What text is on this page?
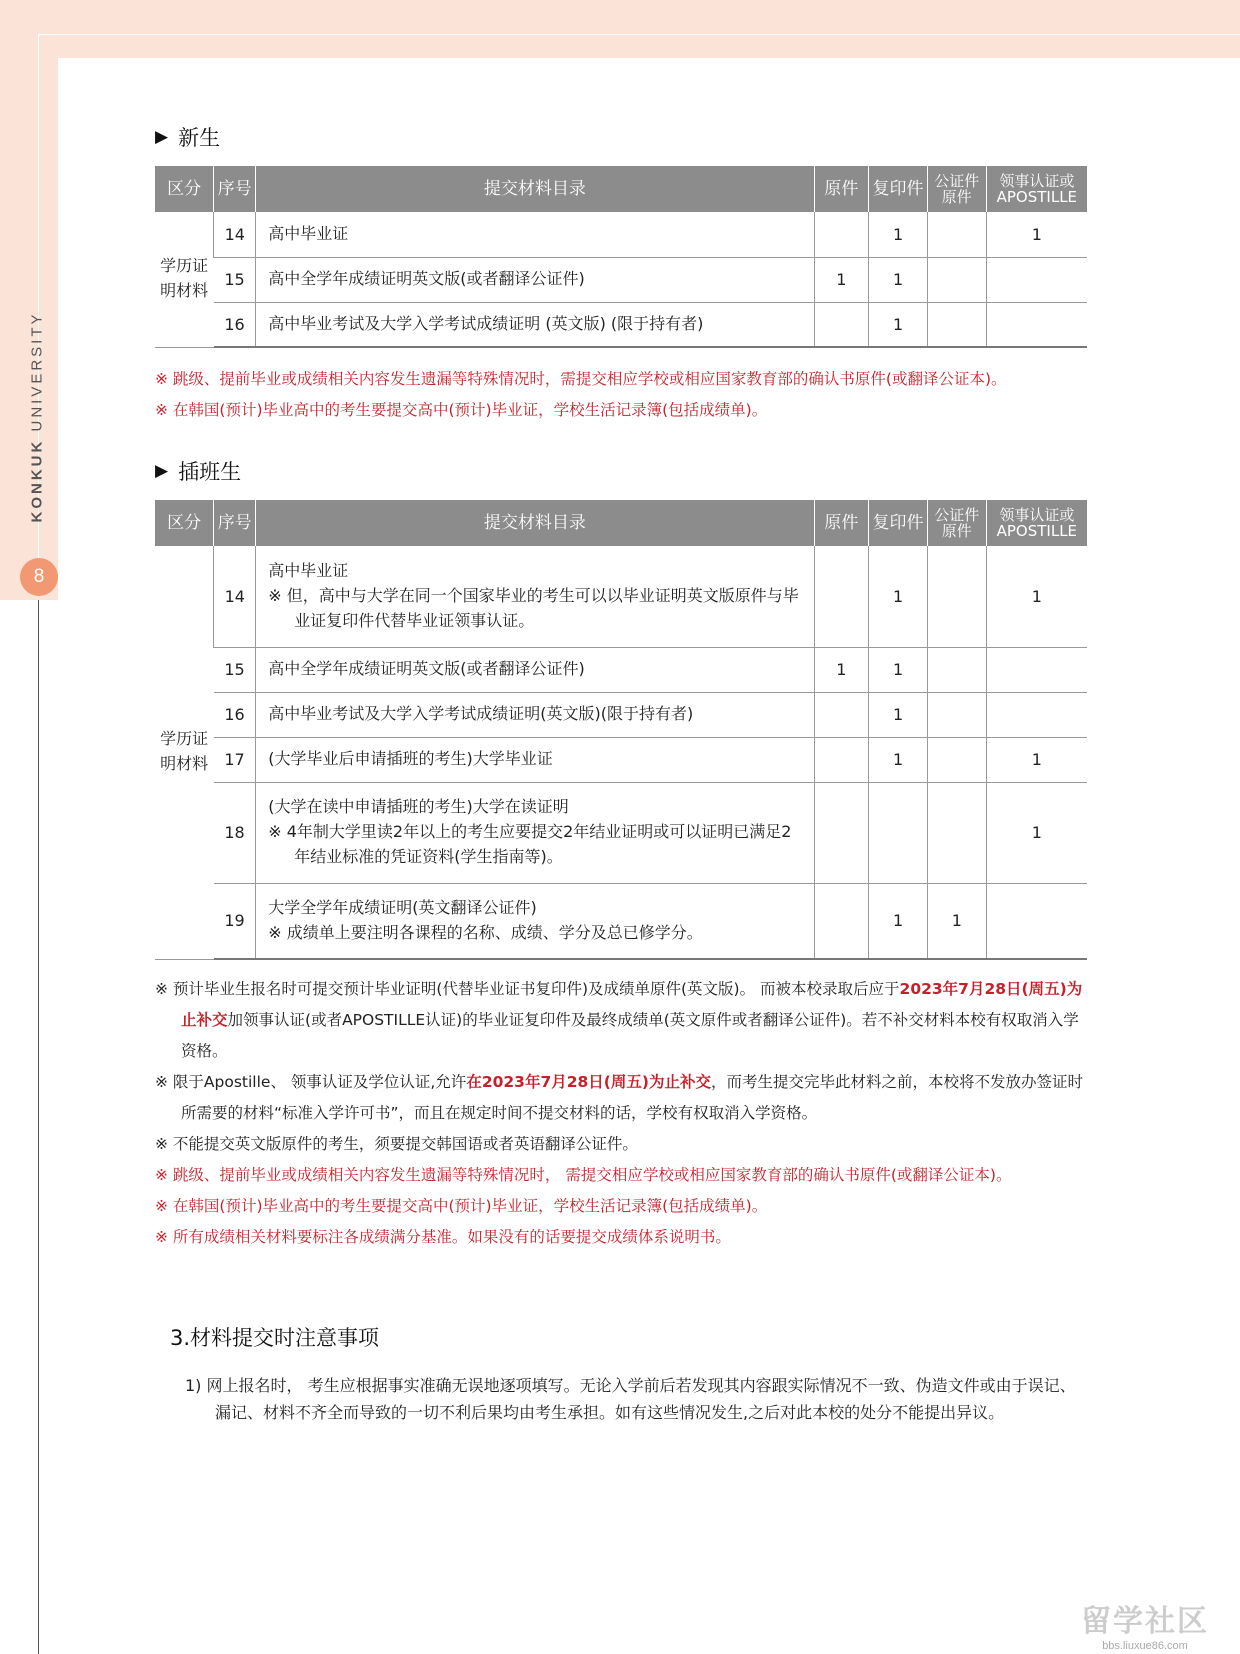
KONKUK UNIVERSITY
8
▶ 新生
区分	序号	提交材料目录	原件	复印件	公证件原件	领事认证或APOSTILLE
学历证明材料	14	高中毕业证		1		1
	15	高中全学年成绩证明英文版(或者翻译公证件)	1	1		
	16	高中毕业考试及大学入学考试成绩证明 (英文版) (限于持有者)		1		
※ 跳级、提前毕业或成绩相关内容发生遗漏等特殊情况时，需提交相应学校或相应国家教育部的确认书原件(或翻译公证本)。
※ 在韩国(预计)毕业高中的考生要提交高中(预计)毕业证，学校生活记录簿(包括成绩单)。
▶ 插班生
区分	序号	提交材料目录	原件	复印件	公证件原件	领事认证或APOSTILLE
学历证明材料	14	高中毕业证
※ 但，高中与大学在同一个国家毕业的考生可以以毕业证明英文版原件与毕业证复印件代替毕业证领事认证。		1		1
	15	高中全学年成绩证明英文版(或者翻译公证件)	1	1		
	16	高中毕业考试及大学入学考试成绩证明(英文版)(限于持有者)		1		
	17	(大学毕业后申请插班的考生)大学毕业证		1		1
	18	(大学在读中申请插班的考生)大学在读证明
※ 4年制大学里读2年以上的考生应要提交2年结业证明或可以证明已满足2年结业标准的凭证资料(学生指南等)。				1
	19	大学全学年成绩证明(英文翻译公证件)
※ 成绩单上要注明各课程的名称、成绩、学分及总已修学分。		1	1	
※ 预计毕业生报名时可提交预计毕业证明(代替毕业证书复印件)及成绩单原件(英文版)。 而被本校录取后应于2023年7月28日(周五)为止补交加领事认证(或者APOSTILLE认证)的毕业证复印件及最终成绩单(英文原件或者翻译公证件)。若不补交材料本校有权取消入学资格。
※ 限于Apostille、 领事认证及学位认证,允许在2023年7月28日(周五)为止补交，而考生提交完毕此材料之前，本校将不发放办签证时所需要的材料“标准入学许可书”，而且在规定时间不提交材料的话，学校有权取消入学资格。
※ 不能提交英文版原件的考生，须要提交韩国语或者英语翻译公证件。
※ 跳级、提前毕业或成绩相关内容发生遗漏等特殊情况时， 需提交相应学校或相应国家教育部的确认书原件(或翻译公证本)。
※ 在韩国(预计)毕业高中的考生要提交高中(预计)毕业证，学校生活记录簿(包括成绩单)。
※ 所有成绩相关材料要标注各成绩满分基准。如果没有的话要提交成绩体系说明书。
3.材料提交时注意事项
1) 网上报名时， 考生应根据事实准确无误地逐项填写。无论入学前后若发现其内容跟实际情况不一致、伪造文件或由于误记、漏记、材料不齐全而导致的一切不利后果均由考生承担。如有这些情况发生,之后对此本校的处分不能提出异议。
留学社区
bbs.liuxue86.com
